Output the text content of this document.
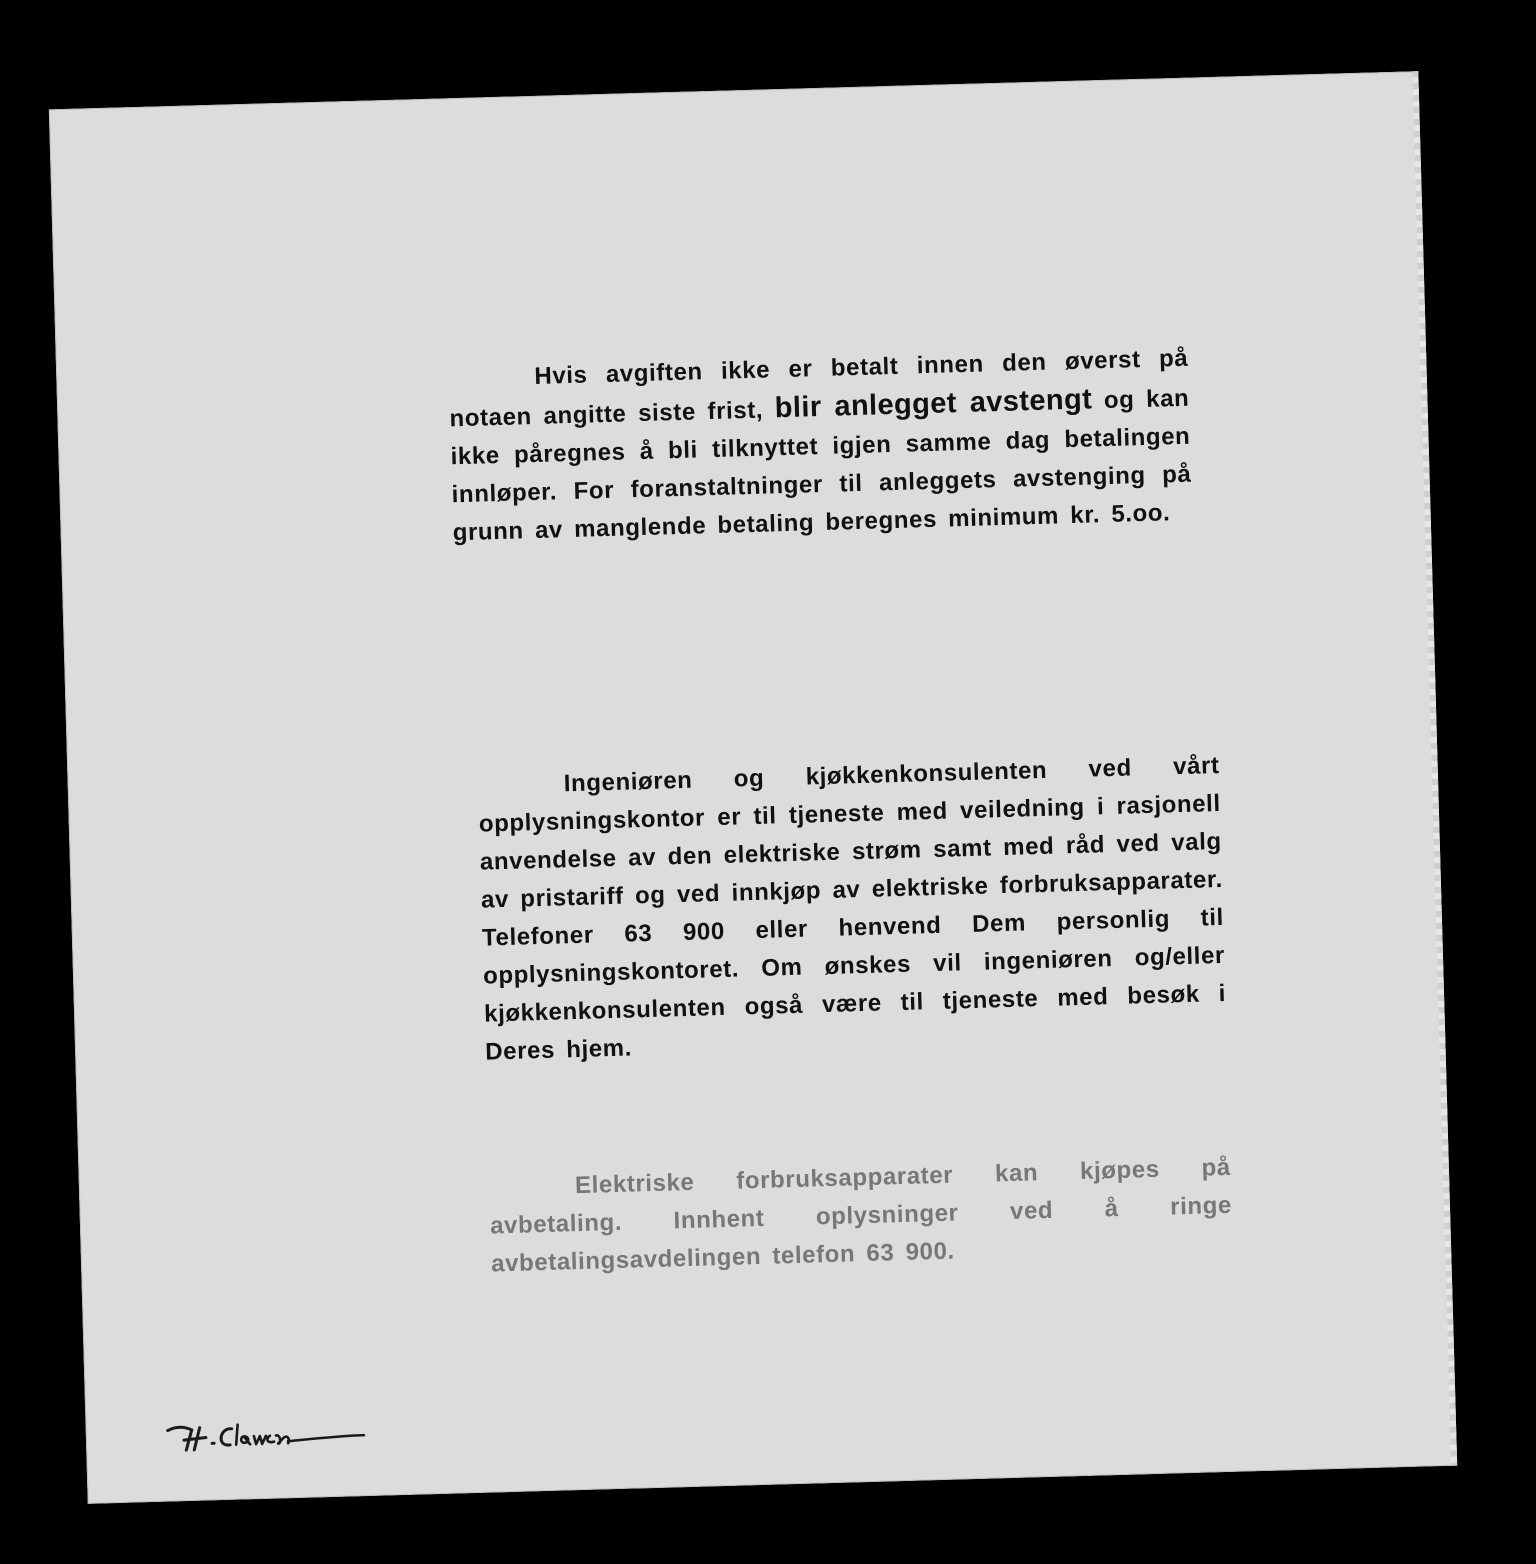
Hvis avgiften ikke er betalt innen den øverst på notaen angitte siste frist, blir anlegget avstengt og kan ikke påregnes å bli tilknyttet igjen samme dag betalingen innløper. For foranstaltninger til anleggets avstenging på grunn av manglende betaling beregnes minimum kr. 5.oo.

Ingeniøren og kjøkkenkonsulenten ved vårt opplysningskontor er til tjeneste med veiledning i rasjonell anvendelse av den elektriske strøm samt med råd ved valg av pristariff og ved innkjøp av elektriske forbruksapparater. Telefoner 63 900 eller henvend Dem personlig til opplysningskontoret. Om ønskes vil ingeniøren og/eller kjøkkenkonsulenten også være til tjeneste med besøk i Deres hjem.

Elektriske forbruksapparater kan kjøpes på avbetaling. Innhent oplysninger ved å ringe avbetalingsavdelingen telefon 63 900.
